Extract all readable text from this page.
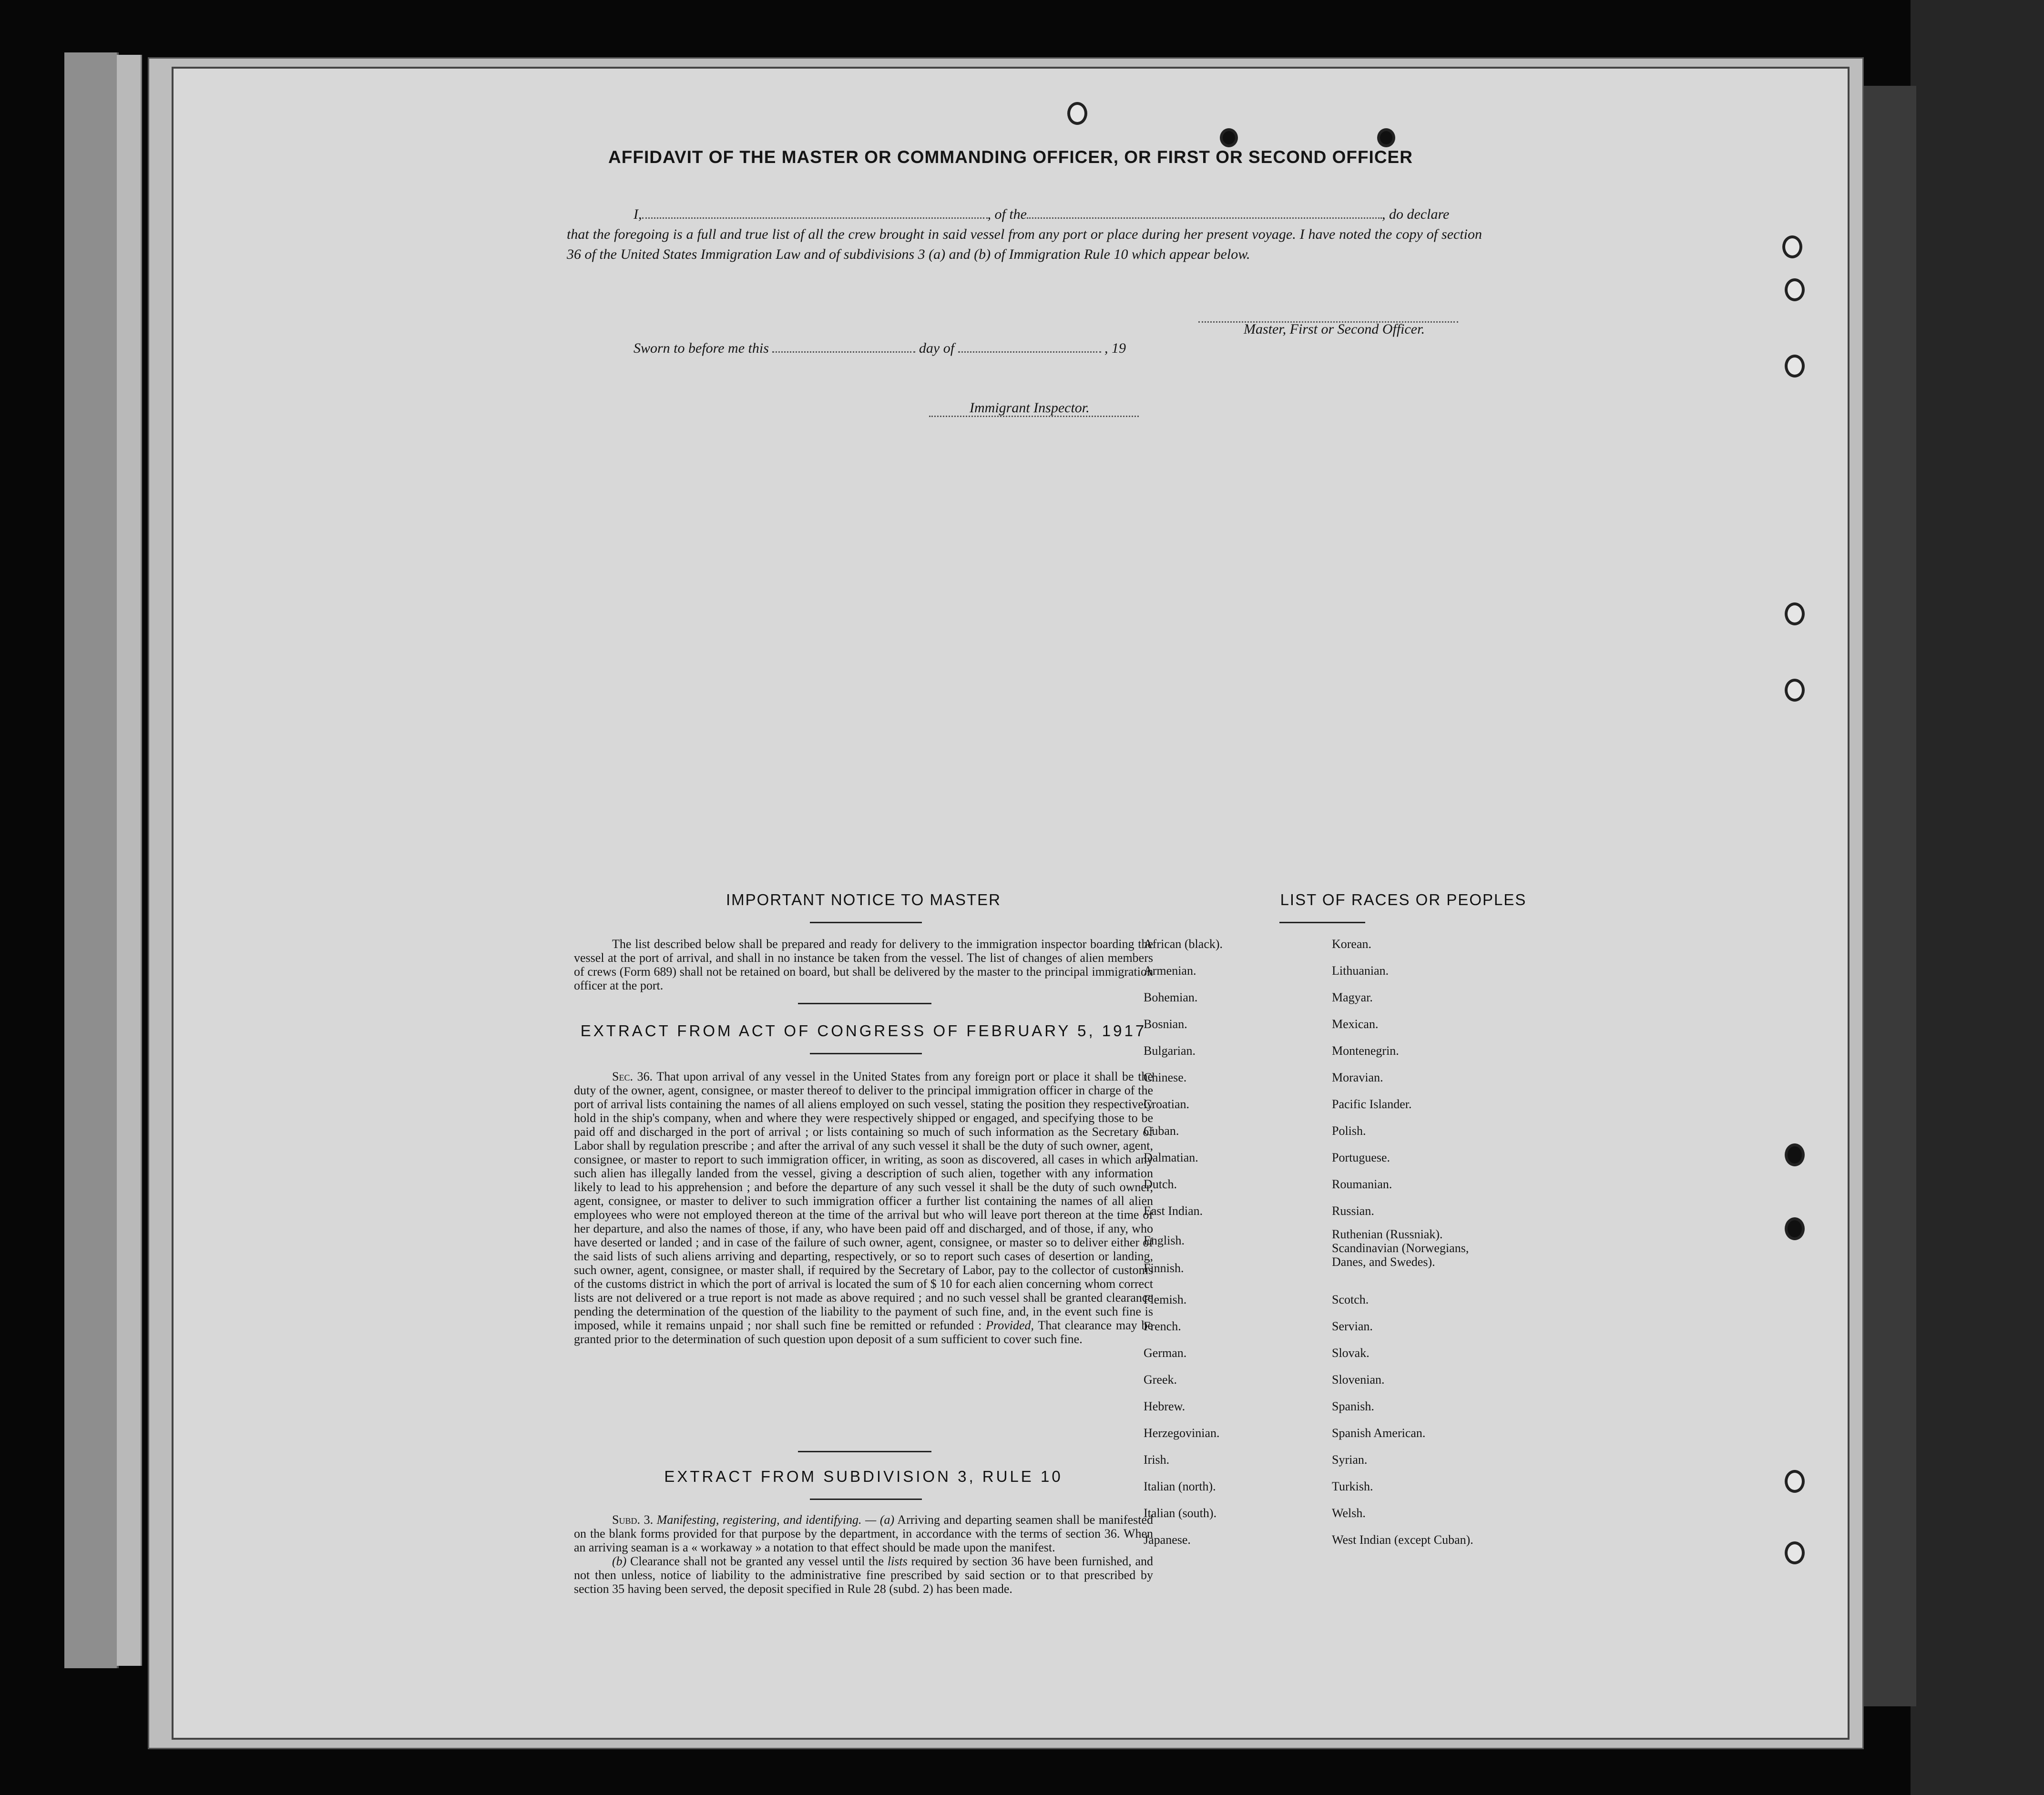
AFFIDAVIT OF THE MASTER OR COMMANDING OFFICER, OR FIRST OR SECOND OFFICER
I,	, of the	, do declare
that the foregoing is a full and true list of all the crew brought in said vessel from any port or place during her present voyage. I have noted the copy of section 36 of the United States Immigration Law and of subdivisions 3 (a) and (b) of Immigration Rule 10 which appear below.
Master, First or Second Officer.
Sworn to before me this	day of	, 19
Immigrant Inspector.
IMPORTANT NOTICE TO MASTER
The list described below shall be prepared and ready for delivery to the immigration inspector boarding the vessel at the port of arrival, and shall in no instance be taken from the vessel. The list of changes of alien members of crews (Form 689) shall not be retained on board, but shall be delivered by the master to the principal immigration officer at the port.
EXTRACT FROM ACT OF CONGRESS OF FEBRUARY 5, 1917
Sec. 36. That upon arrival of any vessel in the United States from any foreign port or place it shall be the duty of the owner, agent, consignee, or master thereof to deliver to the principal immigration officer in charge of the port of arrival lists containing the names of all aliens employed on such vessel, stating the position they respectively hold in the ship's company, when and where they were respectively shipped or engaged, and specifying those to be paid off and discharged in the port of arrival ; or lists containing so much of such information as the Secretary of Labor shall by regulation prescribe ; and after the arrival of any such vessel it shall be the duty of such owner, agent, consignee, or master to report to such immigration officer, in writing, as soon as discovered, all cases in which any such alien has illegally landed from the vessel, giving a description of such alien, together with any information likely to lead to his apprehension ; and before the departure of any such vessel it shall be the duty of such owner, agent, consignee, or master to deliver to such immigration officer a further list containing the names of all alien employees who were not employed thereon at the time of the arrival but who will leave port thereon at the time of her departure, and also the names of those, if any, who have been paid off and discharged, and of those, if any, who have deserted or landed ; and in case of the failure of such owner, agent, consignee, or master so to deliver either of the said lists of such aliens arriving and departing, respectively, or so to report such cases of desertion or landing, such owner, agent, consignee, or master shall, if required by the Secretary of Labor, pay to the collector of customs of the customs district in which the port of arrival is located the sum of $ 10 for each alien concerning whom correct lists are not delivered or a true report is not made as above required ; and no such vessel shall be granted clearance pending the determination of the question of the liability to the payment of such fine, and, in the event such fine is imposed, while it remains unpaid ; nor shall such fine be remitted or refunded : Provided, That clearance may be granted prior to the determination of such question upon deposit of a sum sufficient to cover such fine.
EXTRACT FROM SUBDIVISION 3, RULE 10
Subd. 3. Manifesting, registering, and identifying. — (a) Arriving and departing seamen shall be manifested on the blank forms provided for that purpose by the department, in accordance with the terms of section 36. When an arriving seaman is a « workaway » a notation to that effect should be made upon the manifest.
(b) Clearance shall not be granted any vessel until the lists required by section 36 have been furnished, and not then unless, notice of liability to the administrative fine prescribed by said section or to that prescribed by section 35 having been served, the deposit specified in Rule 28 (subd. 2) has been made.
LIST OF RACES OR PEOPLES
African (black).
Armenian.
Bohemian.
Bosnian.
Bulgarian.
Chinese.
Croatian.
Cuban.
Dalmatian.
Dutch.
East Indian.
English.
Finnish.
Flemish.
French.
German.
Greek.
Hebrew.
Herzegovinian.
Irish.
Italian (north).
Italian (south).
Japanese.
Korean.
Lithuanian.
Magyar.
Mexican.
Montenegrin.
Moravian.
Pacific Islander.
Polish.
Portuguese.
Roumanian.
Russian.
Ruthenian (Russniak).
Scandinavian (Norwegians,
Danes, and Swedes).
Scotch.
Servian.
Slovak.
Slovenian.
Spanish.
Spanish American.
Syrian.
Turkish.
Welsh.
West Indian (except Cuban).
